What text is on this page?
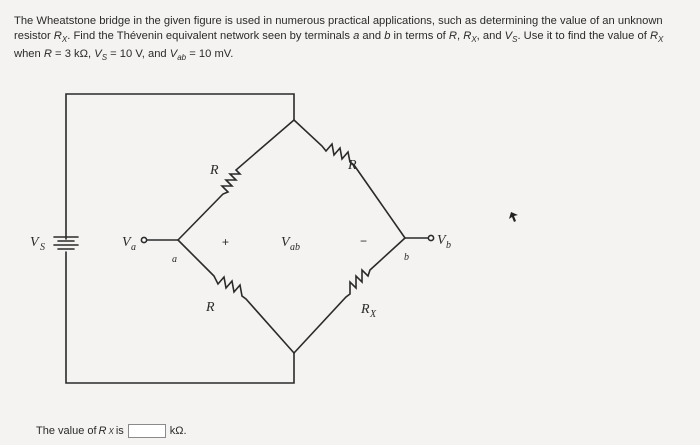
The Wheatstone bridge in the given figure is used in numerous practical applications, such as determining the value of an unknown resistor $R_X$. Find the Thévenin equivalent network seen by terminals a and b in terms of R, $R_X$, and $V_S$. Use it to find the value of $R_X$ when R = 3 kΩ, $V_S = 10$ V, and $V_{ab} = 10$ mV.

V S	V a
a	b
V b
R	R
R	R X
V ab
+	−
The value of R X is	kΩ.
